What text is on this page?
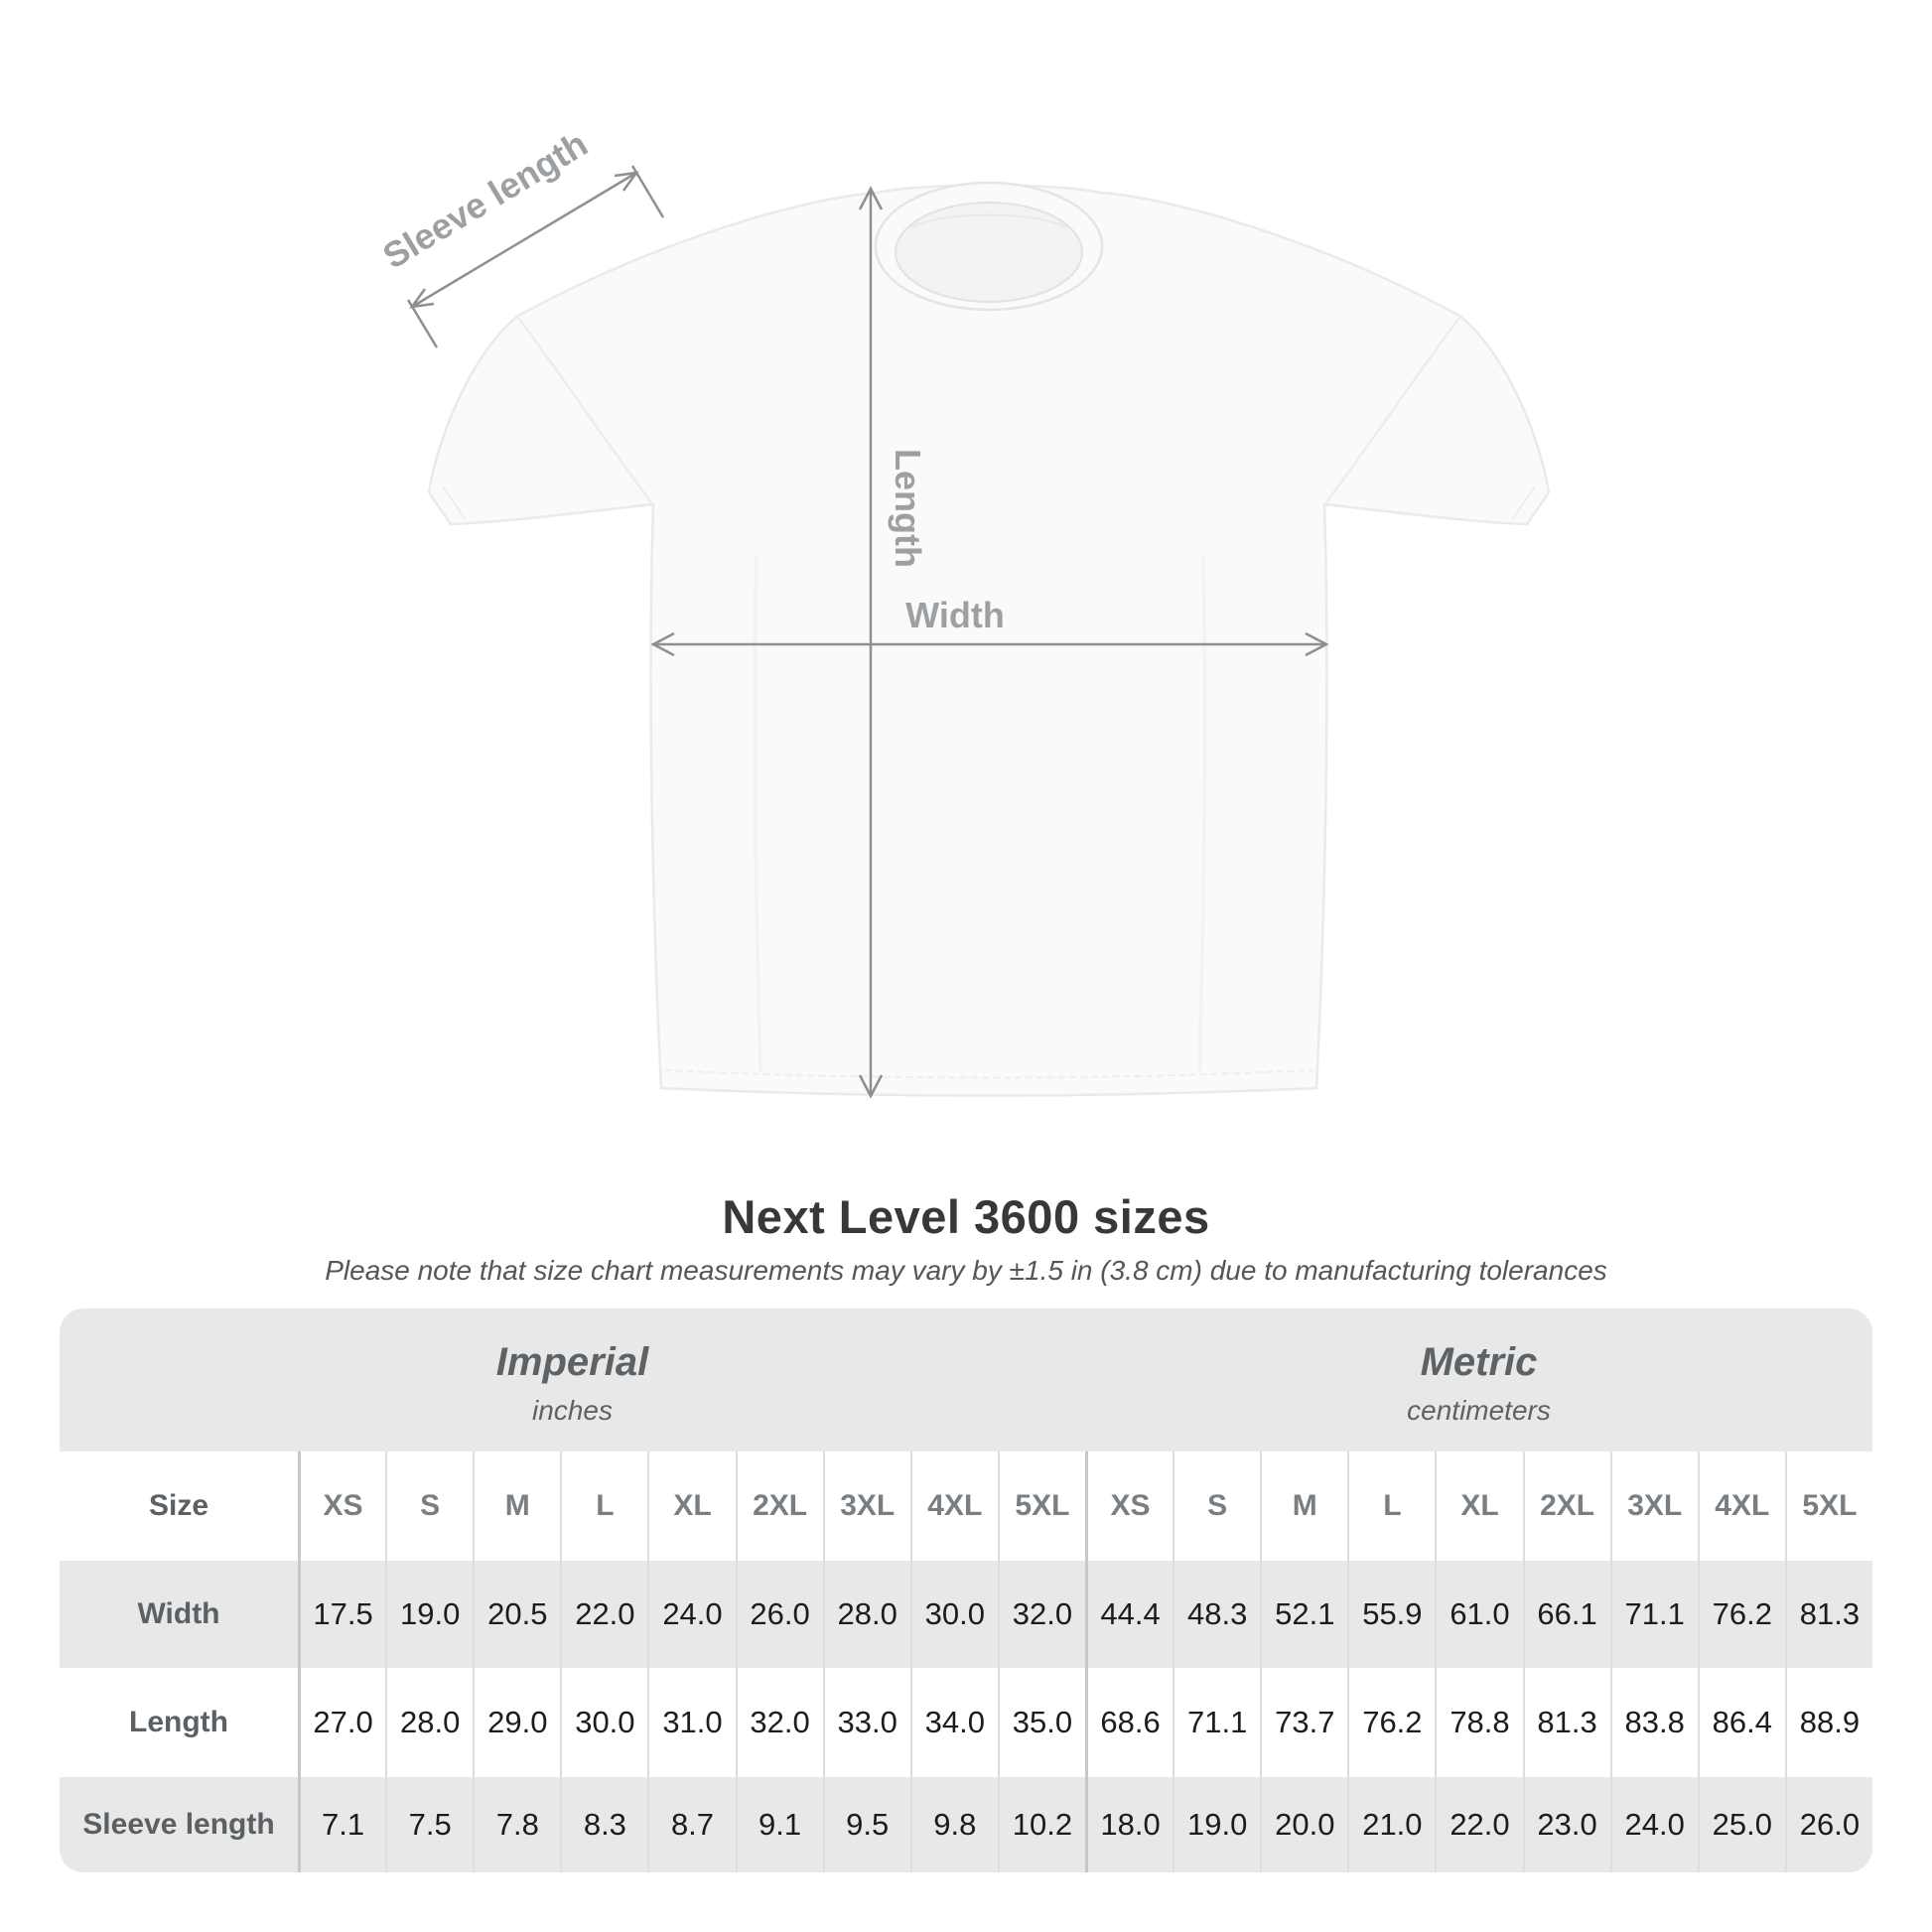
Length
Width
Sleeve length
Next Level 3600 sizes
Please note that size chart measurements may vary by ±1.5 in (3.8 cm) due to manufacturing tolerances
Imperial
inches
Metric
centimeters
Size	XS	S	M	L	XL	2XL	3XL	4XL	5XL	XS	S	M	L	XL	2XL	3XL	4XL	5XL
Width	17.5 19.0 20.5 22.0 24.0 26.0 28.0 30.0 32.0 44.4 48.3 52.1 55.9 61.0 66.1 71.1 76.2 81.3
Length	27.0 28.0 29.0 30.0 31.0 32.0 33.0 34.0 35.0 68.6 71.1 73.7 76.2 78.8 81.3 83.8 86.4 88.9
Sleeve length	7.1	7.5	7.8	8.3	8.7	9.1	9.5	9.8	10.2 18.0 19.0 20.0 21.0 22.0 23.0 24.0 25.0 26.0
